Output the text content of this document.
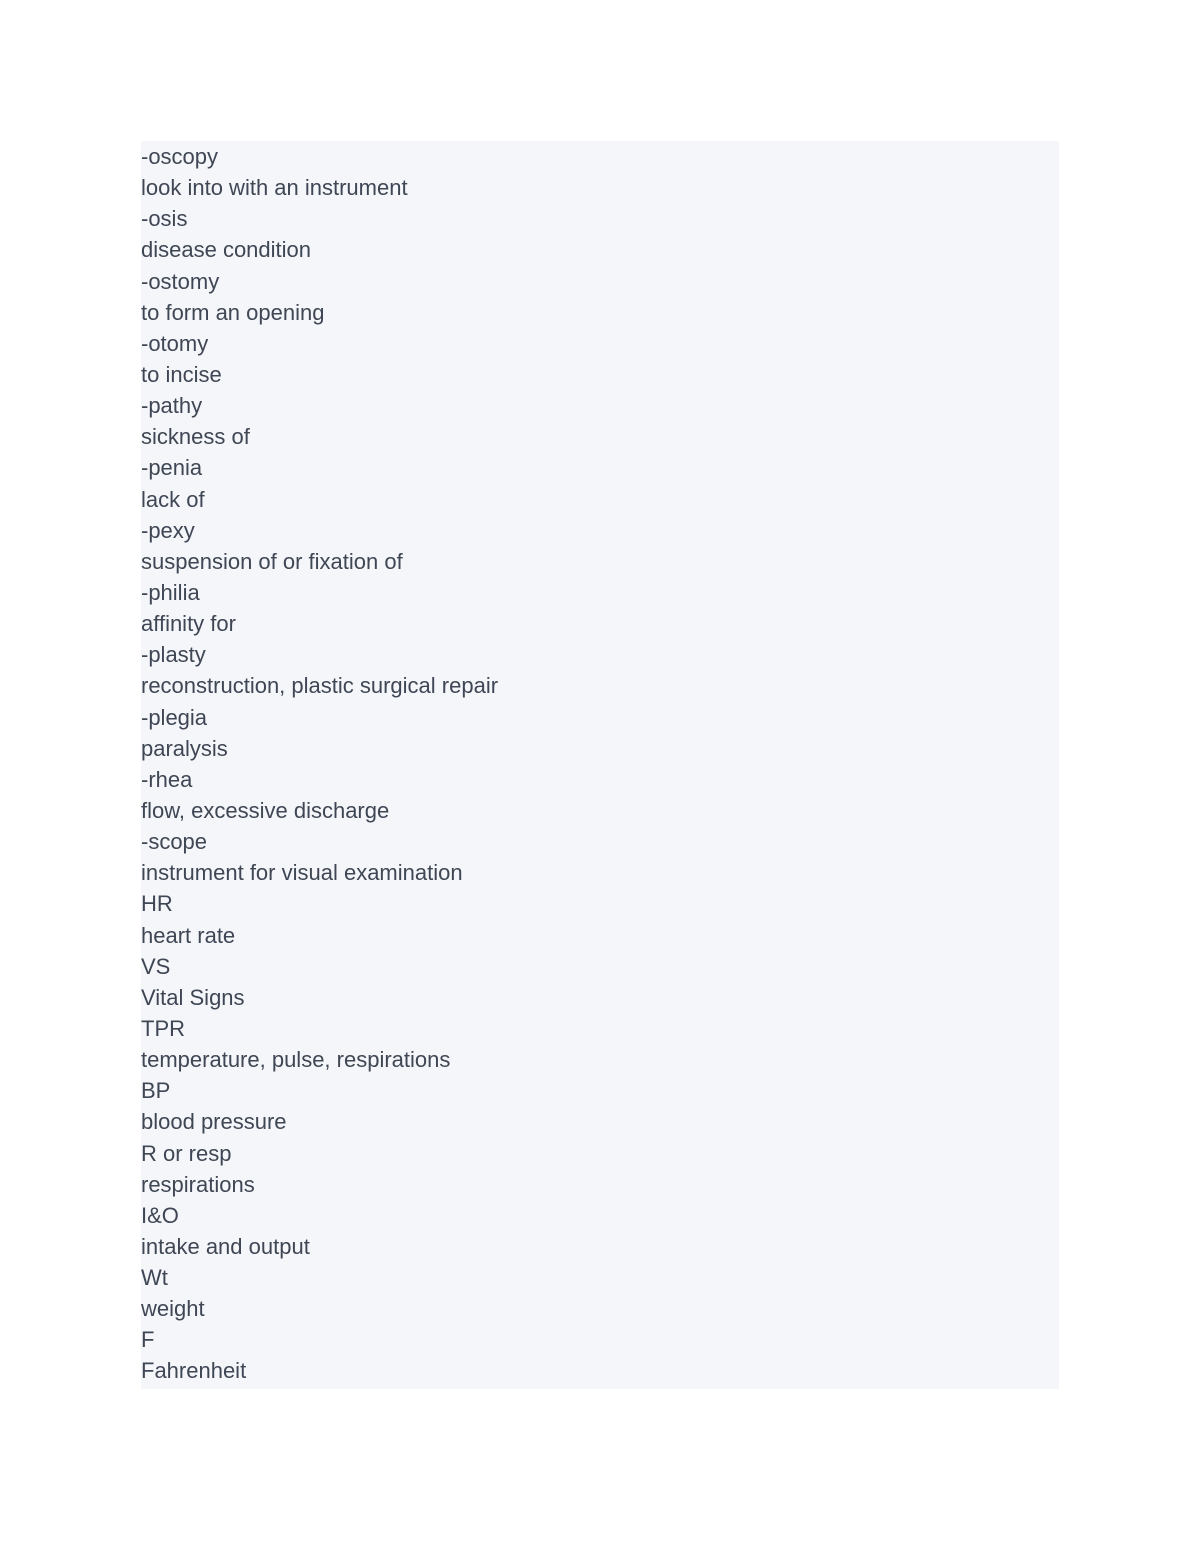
-oscopy
look into with an instrument
-osis
disease condition
-ostomy
to form an opening
-otomy
to incise
-pathy
sickness of
-penia
lack of
-pexy
suspension of or fixation of
-philia
affinity for
-plasty
reconstruction, plastic surgical repair
-plegia
paralysis
-rhea
flow, excessive discharge
-scope
instrument for visual examination
HR
heart rate
VS
Vital Signs
TPR
temperature, pulse, respirations
BP
blood pressure
R or resp
respirations
I&O
intake and output
Wt
weight
F
Fahrenheit
